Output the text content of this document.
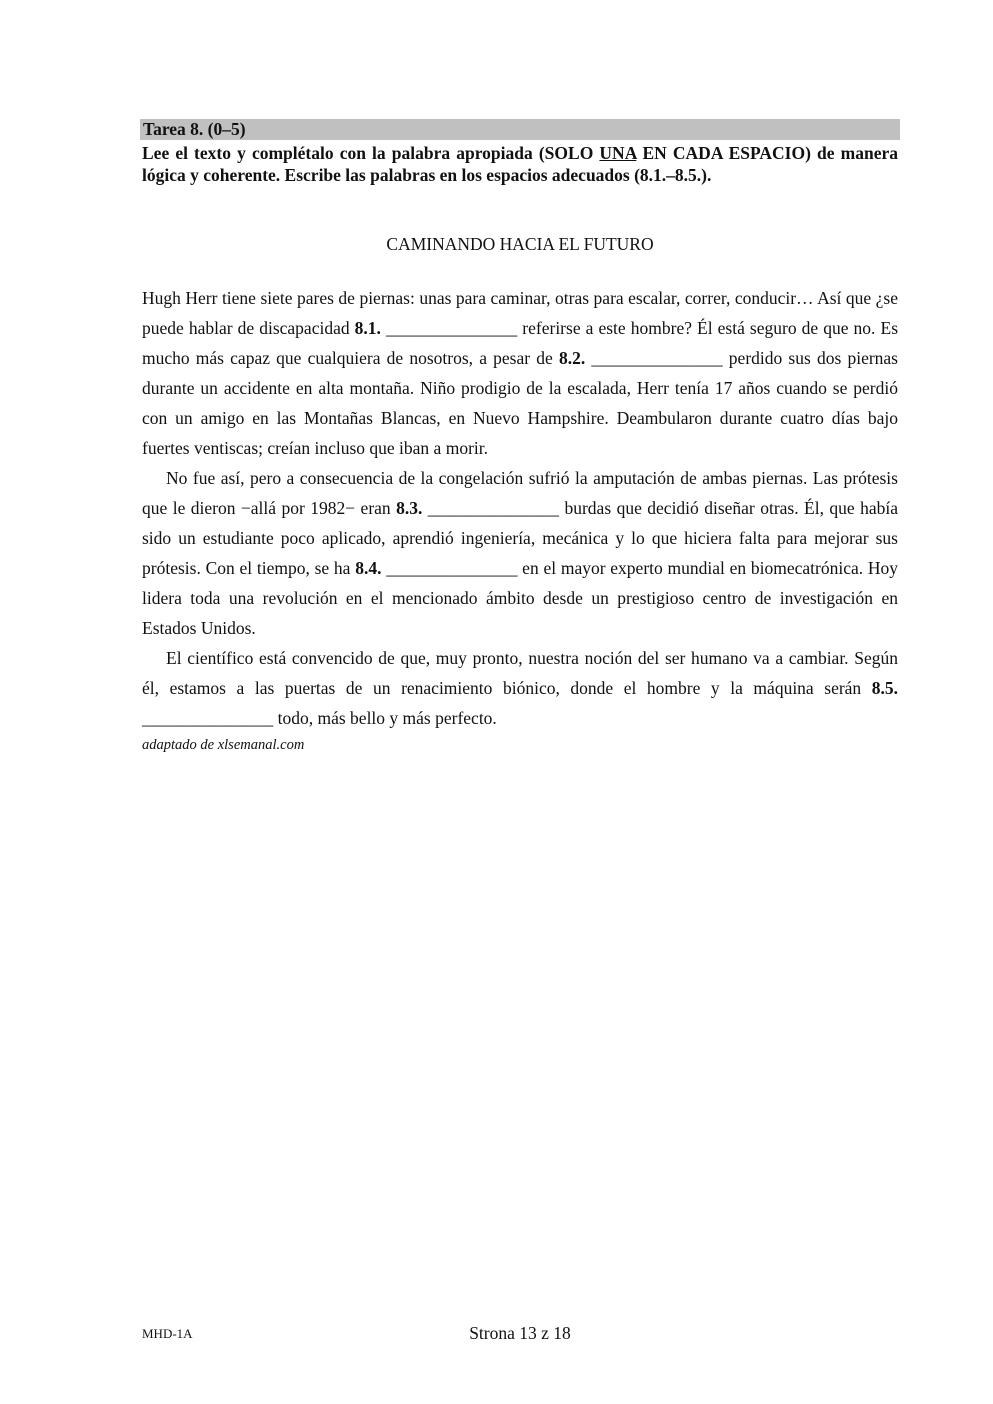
Tarea 8. (0–5)

Lee el texto y complétalo con la palabra apropiada (SOLO UNA EN CADA ESPACIO) de manera lógica y coherente. Escribe las palabras en los espacios adecuados (8.1.–8.5.).

CAMINANDO HACIA EL FUTURO

Hugh Herr tiene siete pares de piernas: unas para caminar, otras para escalar, correr, conducir… Así que ¿se puede hablar de discapacidad 8.1. _______________ referirse a este hombre? Él está seguro de que no. Es mucho más capaz que cualquiera de nosotros, a pesar de 8.2. _______________ perdido sus dos piernas durante un accidente en alta montaña. Niño prodigio de la escalada, Herr tenía 17 años cuando se perdió con un amigo en las Montañas Blancas, en Nuevo Hampshire. Deambularon durante cuatro días bajo fuertes ventiscas; creían incluso que iban a morir.

No fue así, pero a consecuencia de la congelación sufrió la amputación de ambas piernas. Las prótesis que le dieron −allá por 1982− eran 8.3. _______________ burdas que decidió diseñar otras. Él, que había sido un estudiante poco aplicado, aprendió ingeniería, mecánica y lo que hiciera falta para mejorar sus prótesis. Con el tiempo, se ha 8.4. _______________ en el mayor experto mundial en biomecatrónica. Hoy lidera toda una revolución en el mencionado ámbito desde un prestigioso centro de investigación en Estados Unidos.

El científico está convencido de que, muy pronto, nuestra noción del ser humano va a cambiar. Según él, estamos a las puertas de un renacimiento biónico, donde el hombre y la máquina serán 8.5. _______________ todo, más bello y más perfecto.

adaptado de xlsemanal.com

MHD-1A	Strona 13 z 18
